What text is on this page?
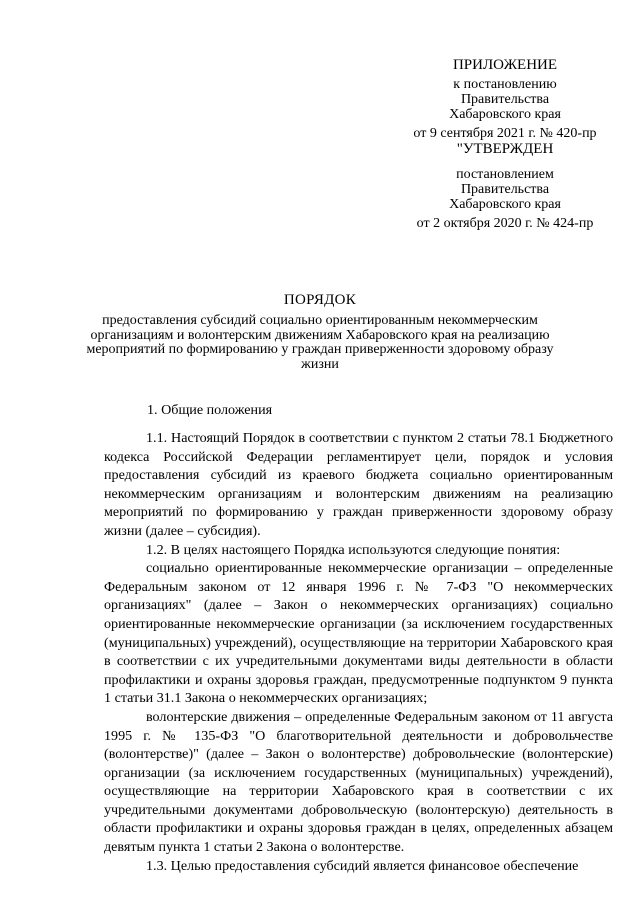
ПРИЛОЖЕНИЕ
к постановлению
Правительства
Хабаровского края
от 9 сентября 2021 г. № 420-пр
"УТВЕРЖДЕН
постановлением
Правительства
Хабаровского края
от 2 октября 2020 г. № 424-пр
ПОРЯДОК
предоставления субсидий социально ориентированным некоммерческим организациям и волонтерским движениям Хабаровского края на реализацию мероприятий по формированию у граждан приверженности здоровому образу жизни
1. Общие положения

1.1. Настоящий Порядок в соответствии с пунктом 2 статьи 78.1 Бюджетного кодекса Российской Федерации регламентирует цели, порядок и условия предоставления субсидий из краевого бюджета социально ориентированным некоммерческим организациям и волонтерским движениям на реализацию мероприятий по формированию у граждан приверженности здоровому образу жизни (далее – субсидия).

1.2. В целях настоящего Порядка используются следующие понятия:

социально ориентированные некоммерческие организации – определенные Федеральным законом от 12 января 1996 г. № 7-ФЗ "О некоммерческих организациях" (далее – Закон о некоммерческих организациях) социально ориентированные некоммерческие организации (за исключением государственных (муниципальных) учреждений), осуществляющие на территории Хабаровского края в соответствии с их учредительными документами виды деятельности в области профилактики и охраны здоровья граждан, предусмотренные подпунктом 9 пункта 1 статьи 31.1 Закона о некоммерческих организациях;

волонтерские движения – определенные Федеральным законом от 11 августа 1995 г. № 135-ФЗ "О благотворительной деятельности и добровольчестве (волонтерстве)" (далее – Закон о волонтерстве) добровольческие (волонтерские) организации (за исключением государственных (муниципальных) учреждений), осуществляющие на территории Хабаровского края в соответствии с их учредительными документами добровольческую (волонтерскую) деятельность в области профилактики и охраны здоровья граждан в целях, определенных абзацем девятым пункта 1 статьи 2 Закона о волонтерстве.

1.3. Целью предоставления субсидий является финансовое обеспечение
